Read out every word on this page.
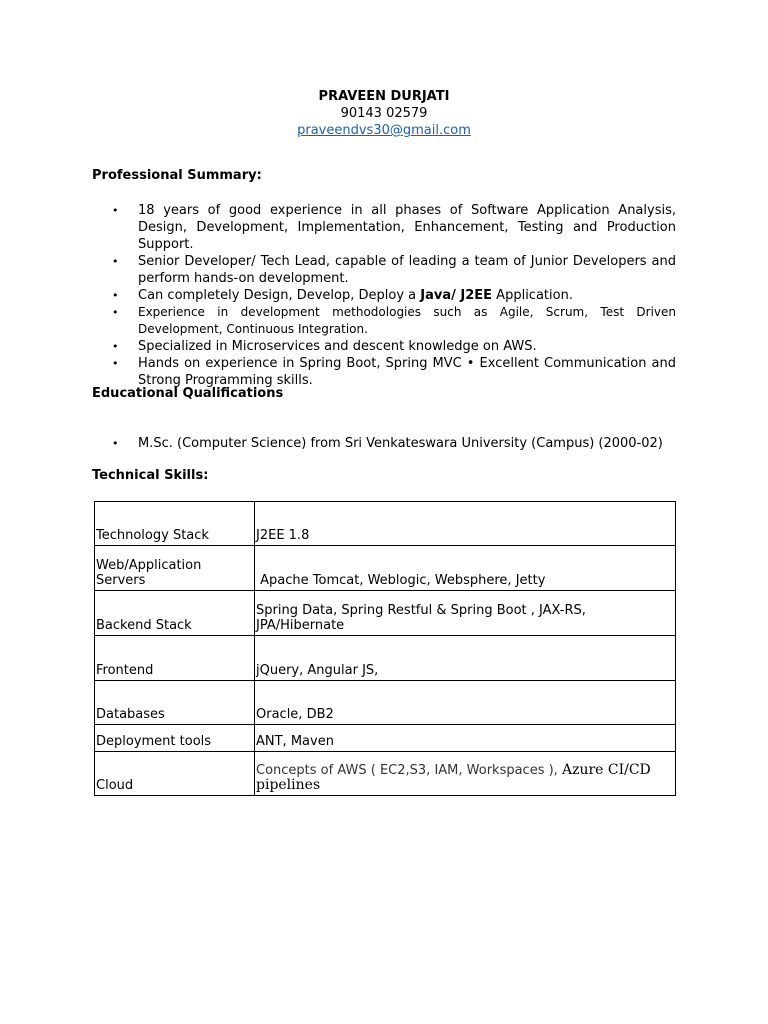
PRAVEEN DURJATI
90143 02579
praveendvs30@gmail.com
Professional Summary:
• 18 years of good experience in all phases of Software Application Analysis, Design, Development, Implementation, Enhancement, Testing and Production Support.
• Senior Developer/ Tech Lead, capable of leading a team of Junior Developers and perform hands-on development.
• Can completely Design, Develop, Deploy a Java/ J2EE Application.
• Experience in development methodologies such as Agile, Scrum, Test Driven Development, Continuous Integration.
• Specialized in Microservices and descent knowledge on AWS.
• Hands on experience in Spring Boot, Spring MVC • Excellent Communication and Strong Programming skills.
Educational Qualifications
• M.Sc. (Computer Science) from Sri Venkateswara University (Campus) (2000-02)
Technical Skills:
Technology Stack	J2EE 1.8
Web/Application Servers	Apache Tomcat, Weblogic, Websphere, Jetty
Backend Stack	Spring Data, Spring Restful & Spring Boot , JAX-RS, JPA/Hibernate
Frontend	jQuery, Angular JS,
Databases	Oracle, DB2
Deployment tools	ANT, Maven
Cloud	Concepts of AWS ( EC2,S3, IAM, Workspaces ), Azure CI/CD pipelines
